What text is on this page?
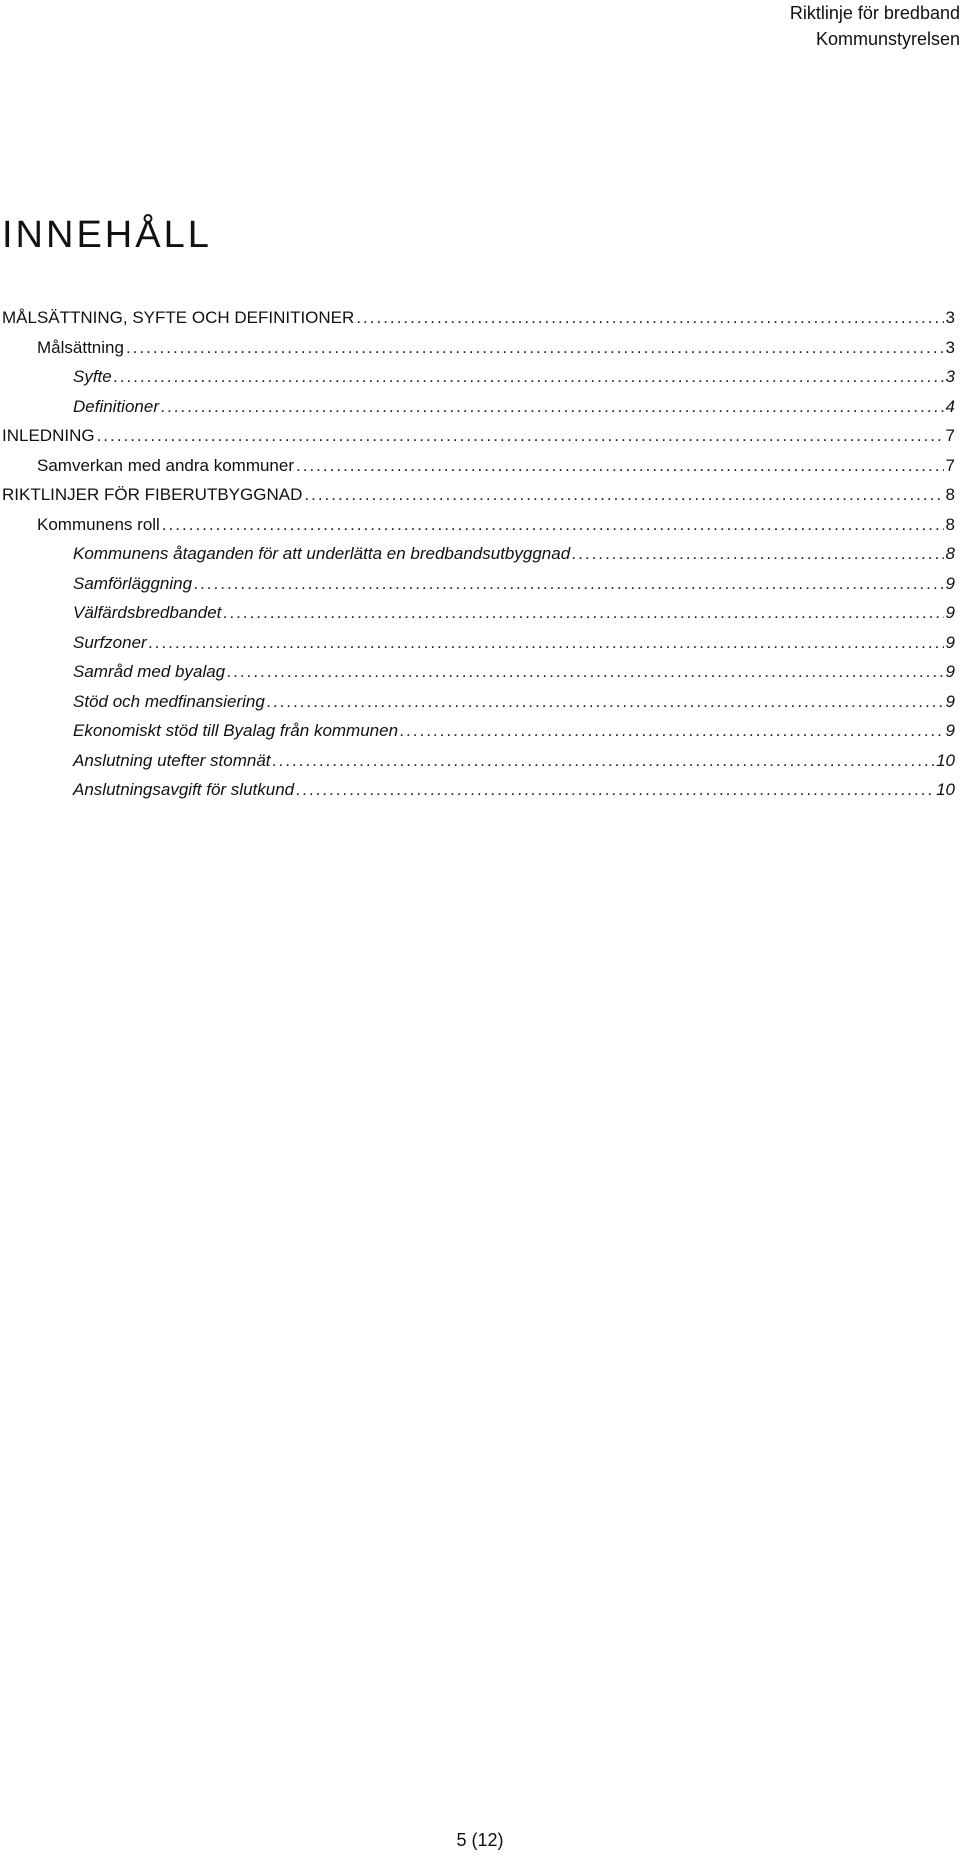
Riktlinje för bredband
Kommunstyrelsen
INNEHÅLL
MÅLSÄTTNING, SYFTE OCH DEFINITIONER .....	3
Målsättning .....	3
Syfte .....	3
Definitioner .....	4
INLEDNING .....	7
Samverkan med andra kommuner .....	7
RIKTLINJER FÖR FIBERUTBYGGNAD .....	8
Kommunens roll .....	8
Kommunens åtaganden för att underlätta en bredbandsutbyggnad .....	8
Samförläggning .....	9
Välfärdsbredbandet .....	9
Surfzoner .....	9
Samråd med byalag .....	9
Stöd och medfinansiering .....	9
Ekonomiskt stöd till Byalag från kommunen .....	9
Anslutning utefter stomnät .....	10
Anslutningsavgift för slutkund .....	10
5 (12)
